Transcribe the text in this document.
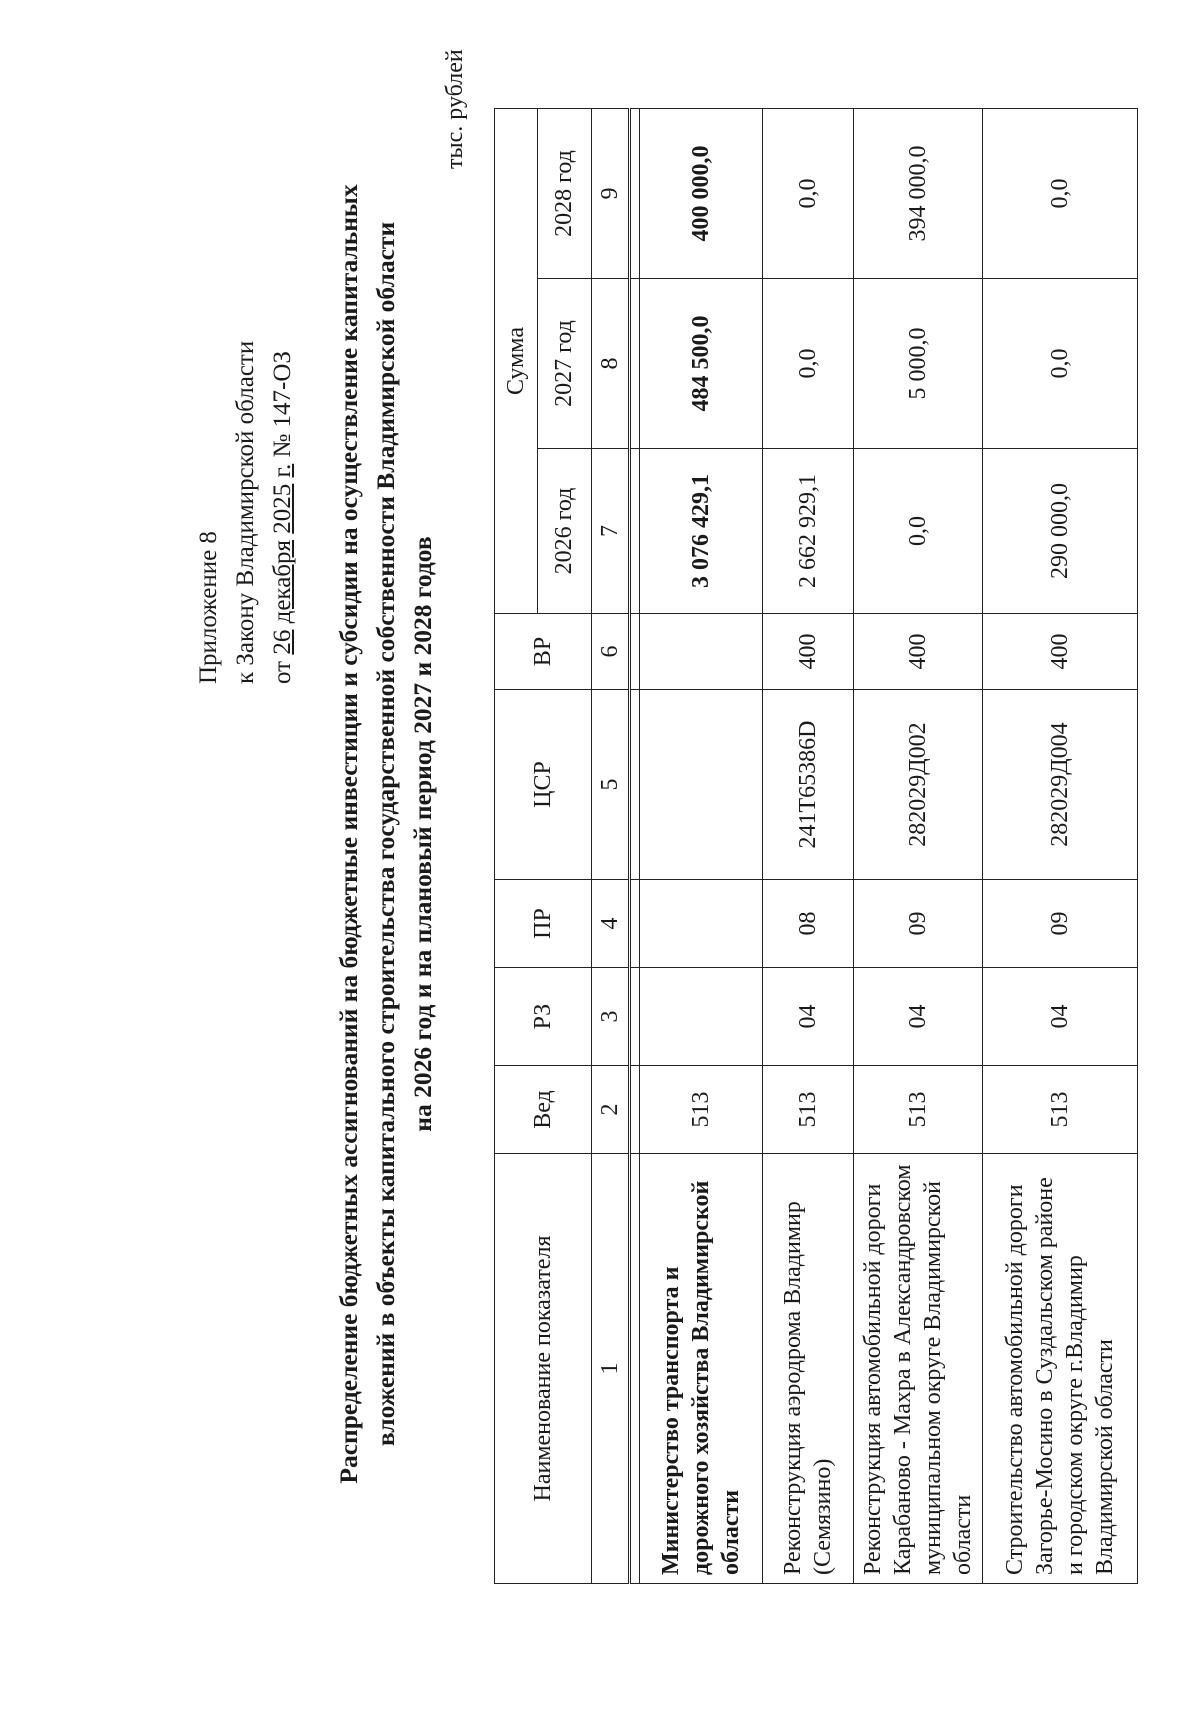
Приложение 8 к Закону Владимирской области от 26 декабря 2025 г. № 147-ОЗ Распределение бюджетных ассигнований на бюджетные инвестиции и субсидии на осуществление капитальных вложений в объекты капитального строительства государственной собственности Владимирской области на 2026 год и на плановый период 2027 и 2028 годов
тыс. рублей
Наименование показателя	Вед	РЗ	ПР	ЦСР	ВР	Сумма		
						2026 год	2027 год	2028 год
1	2	3	4	5	6	7	8	9

Министерство транспорта и дорожного хозяйства Владимирской области	513					3 076 429,1	484 500,0	400 000,0
Реконструкция аэродрома Владимир (Семязино)	513	04	08	241Т65386D	400	2 662 929,1	0,0	0,0
Реконструкция автомобильной дороги Карабаново - Махра в Александровском муниципальном округе Владимирской области	513	04	09	282029Д002	400	0,0	5 000,0	394 000,0
Строительство автомобильной дороги Загорье-Мосино в Суздальском районе и городском округе г.Владимир Владимирской области	513	04	09	282029Д004	400	290 000,0	0,0	0,0
